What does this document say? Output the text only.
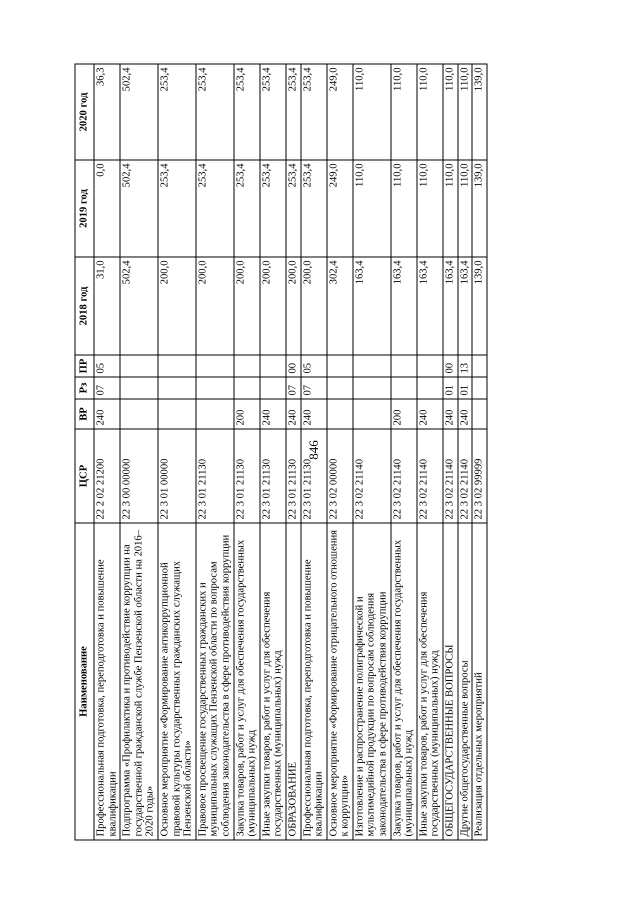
846
Наименование	ЦСР	ВР	Рз	ПР	2018 год	2019 год	2020 год
Профессиональная подготовка, переподготовка и повышение квалификации	22 2 02 21200	240	07	05	31,0	0,0	36,3
Подпрограмма «Профилактика и противодействие коррупции на государственной гражданской службе Пензенской области на 2016–2020 годы»	22 3 00 00000				502,4	502,4	502,4
Основное мероприятие «Формирование антикоррупционной правовой культуры государственных гражданских служащих Пензенской области»	22 3 01 00000				200,0	253,4	253,4
Правовое просвещение государственных гражданских и муниципальных служащих Пензенской области по вопросам соблюдения законодательства в сфере противодействия коррупции	22 3 01 21130				200,0	253,4	253,4
Закупка товаров, работ и услуг для обеспечения государственных (муниципальных) нужд	22 3 01 21130	200			200,0	253,4	253,4
Иные закупки товаров, работ и услуг для обеспечения государственных (муниципальных) нужд	22 3 01 21130	240			200,0	253,4	253,4
ОБРАЗОВАНИЕ	22 3 01 21130	240	07	00	200,0	253,4	253,4
Профессиональная подготовка, переподготовка и повышение квалификации	22 3 01 21130	240	07	05	200,0	253,4	253,4
Основное мероприятие «Формирование отрицательного отношения к коррупции»	22 3 02 00000				302,4	249,0	249,0
Изготовление и распространение полиграфической и мультимедийной продукции по вопросам соблюдения законодательства в сфере противодействия коррупции	22 3 02 21140				163,4	110,0	110,0
Закупка товаров, работ и услуг для обеспечения государственных (муниципальных) нужд	22 3 02 21140	200			163,4	110,0	110,0
Иные закупки товаров, работ и услуг для обеспечения государственных (муниципальных) нужд	22 3 02 21140	240			163,4	110,0	110,0
ОБЩЕГОСУДАРСТВЕННЫЕ ВОПРОСЫ	22 3 02 21140	240	01	00	163,4	110,0	110,0
Другие общегосударственные вопросы	22 3 02 21140	240	01	13	163,4	110,0	110,0
Реализация отдельных мероприятий	22 3 02 99999				139,0	139,0	139,0
